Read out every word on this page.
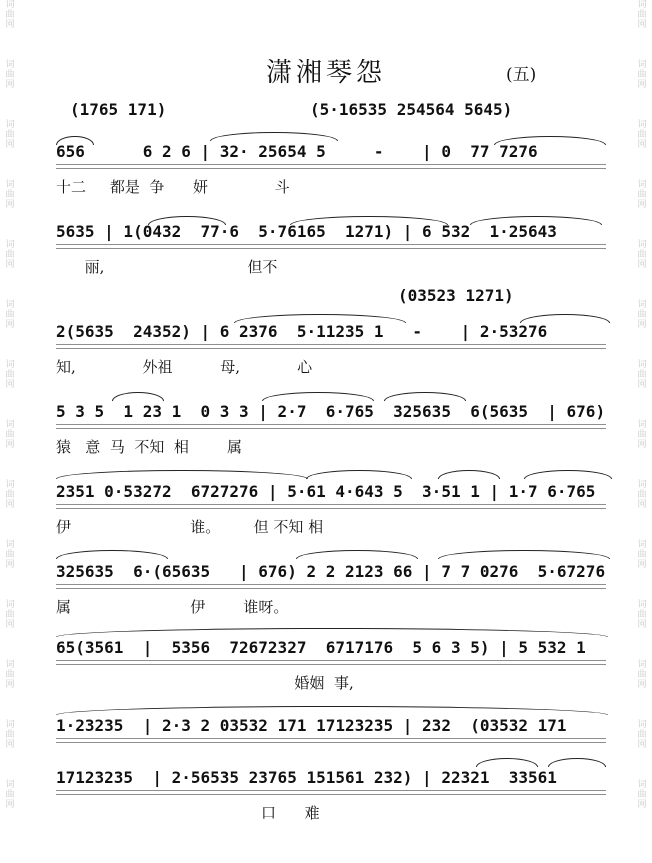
词
曲
网
词
曲
网
词
曲
网
词
曲
网
词
曲
网
词
曲
网
词
曲
网
词
曲
网
词
曲
网
词
曲
网
词
曲
网
词
曲
网
词
曲
网
词
曲
网
词
曲
网
词
曲
网
词
曲
网
词
曲
网
词
曲
网
词
曲
网
词
曲
网
词
曲
网
词
曲
网
词
曲
网
词
曲
网
词
曲
网
词
曲
网
词
曲
网
潇湘琴怨	(五)
(1765 171)	(5·16535 254564 5645)
656      6 2 6 | 32· 25654 5     -    | 0  77 7276
十二     都是  争      妍              斗
5635 | 1(0432  77·6  5·76165  1271) | 6 532  1·25643
丽,                              但不
(03523 1271)
2(5635  24352) | 6 2376  5·11235 1   -    | 2·53276
知,              外祖          母,            心
5 3 5  1 23 1  0 3 3 | 2·7  6·765  325635  6(5635  | 676)
猿   意  马  不知  相        属
2351 0·53272  6727276 | 5·61 4·643 5  3·51 1 | 1·7 6·765
伊                         谁。       但 不知 相
325635  6·(65635   | 676) 2 2 2123 66 | 7 7 0276  5·67276
属                         伊        谁呀。
65(3561  |  5356  72672327  6717176  5 6 3 5) | 5 532 1
婚姻  事,
1·23235  | 2·3 2 03532 171 17123235 | 232  (03532 171
17123235  | 2·56535 23765 151561 232) | 22321  33561
口      难
